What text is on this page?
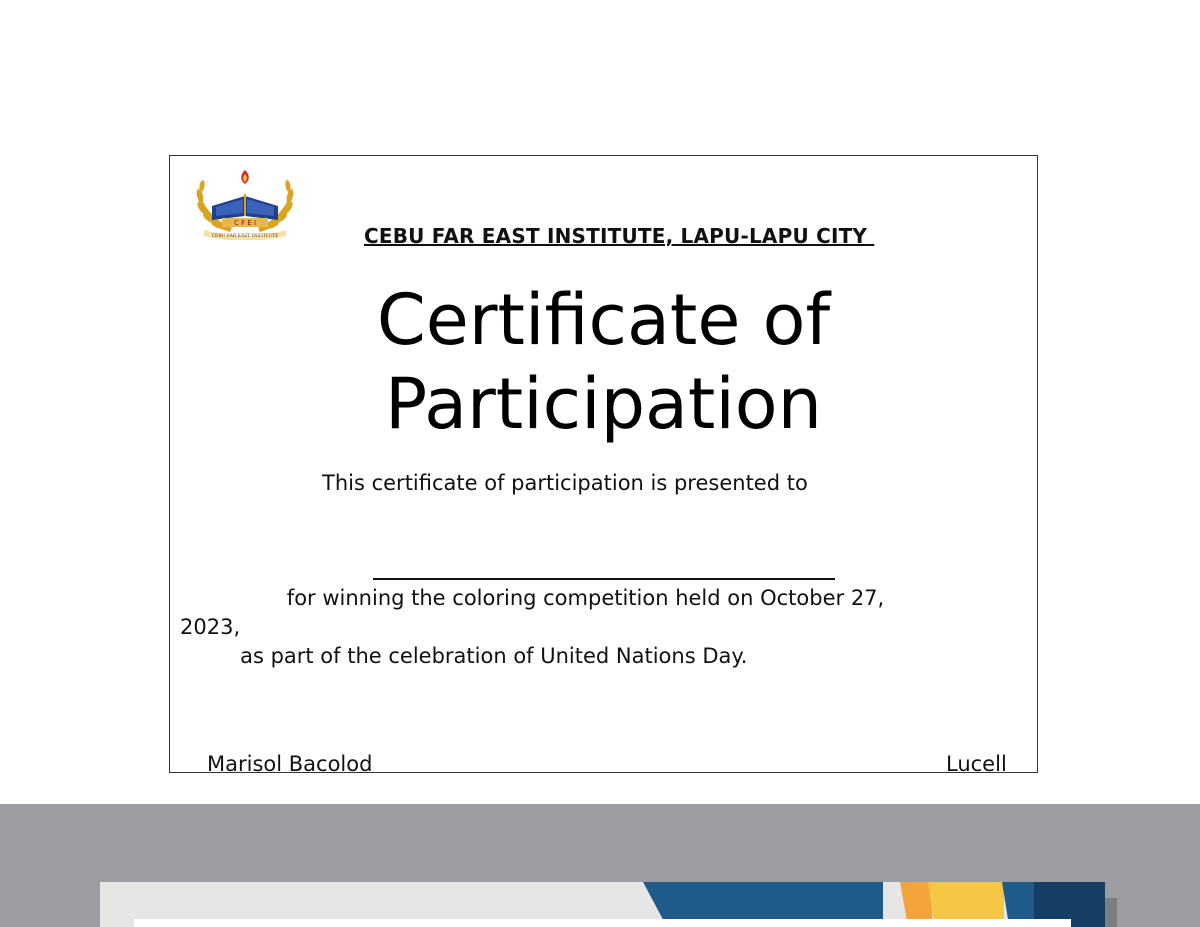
C F E I
CEBU FAR EAST INSTITUTE	CEBU FAR EAST INSTITUTE, LAPU-LAPU CITY
Certificate of
Participation
This certificate of participation is presented to
for winning the coloring competition held on October 27,
2023,
as part of the celebration of United Nations Day.
Marisol Bacolod	Lucell
